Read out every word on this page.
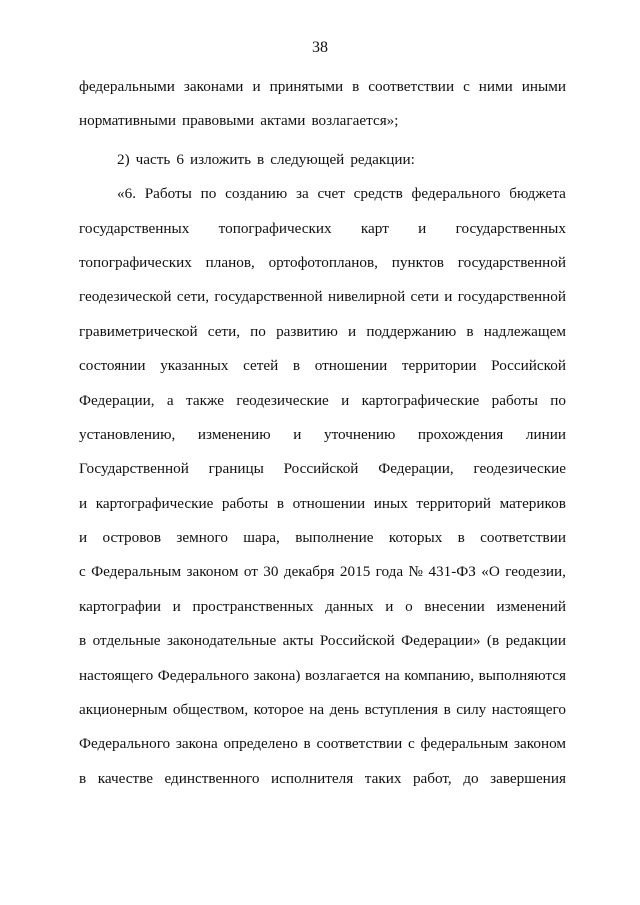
38
федеральными законами и принятыми в соответствии с ними иными
нормативными правовыми актами возлагается»;
2) часть 6 изложить в следующей редакции:
«6. Работы по созданию за счет средств федерального бюджета
государственных топографических карт и государственных
топографических планов, ортофотопланов, пунктов государственной
геодезической сети, государственной нивелирной сети и государственной
гравиметрической сети, по развитию и поддержанию в надлежащем
состоянии указанных сетей в отношении территории Российской
Федерации, а также геодезические и картографические работы по
установлению, изменению и уточнению прохождения линии
Государственной границы Российской Федерации, геодезические
и картографические работы в отношении иных территорий материков
и островов земного шара, выполнение которых в соответствии
с Федеральным законом от 30 декабря 2015 года № 431-ФЗ «О геодезии,
картографии и пространственных данных и о внесении изменений
в отдельные законодательные акты Российской Федерации» (в редакции
настоящего Федерального закона) возлагается на компанию, выполняются
акционерным обществом, которое на день вступления в силу настоящего
Федерального закона определено в соответствии с федеральным законом
в качестве единственного исполнителя таких работ, до завершения
